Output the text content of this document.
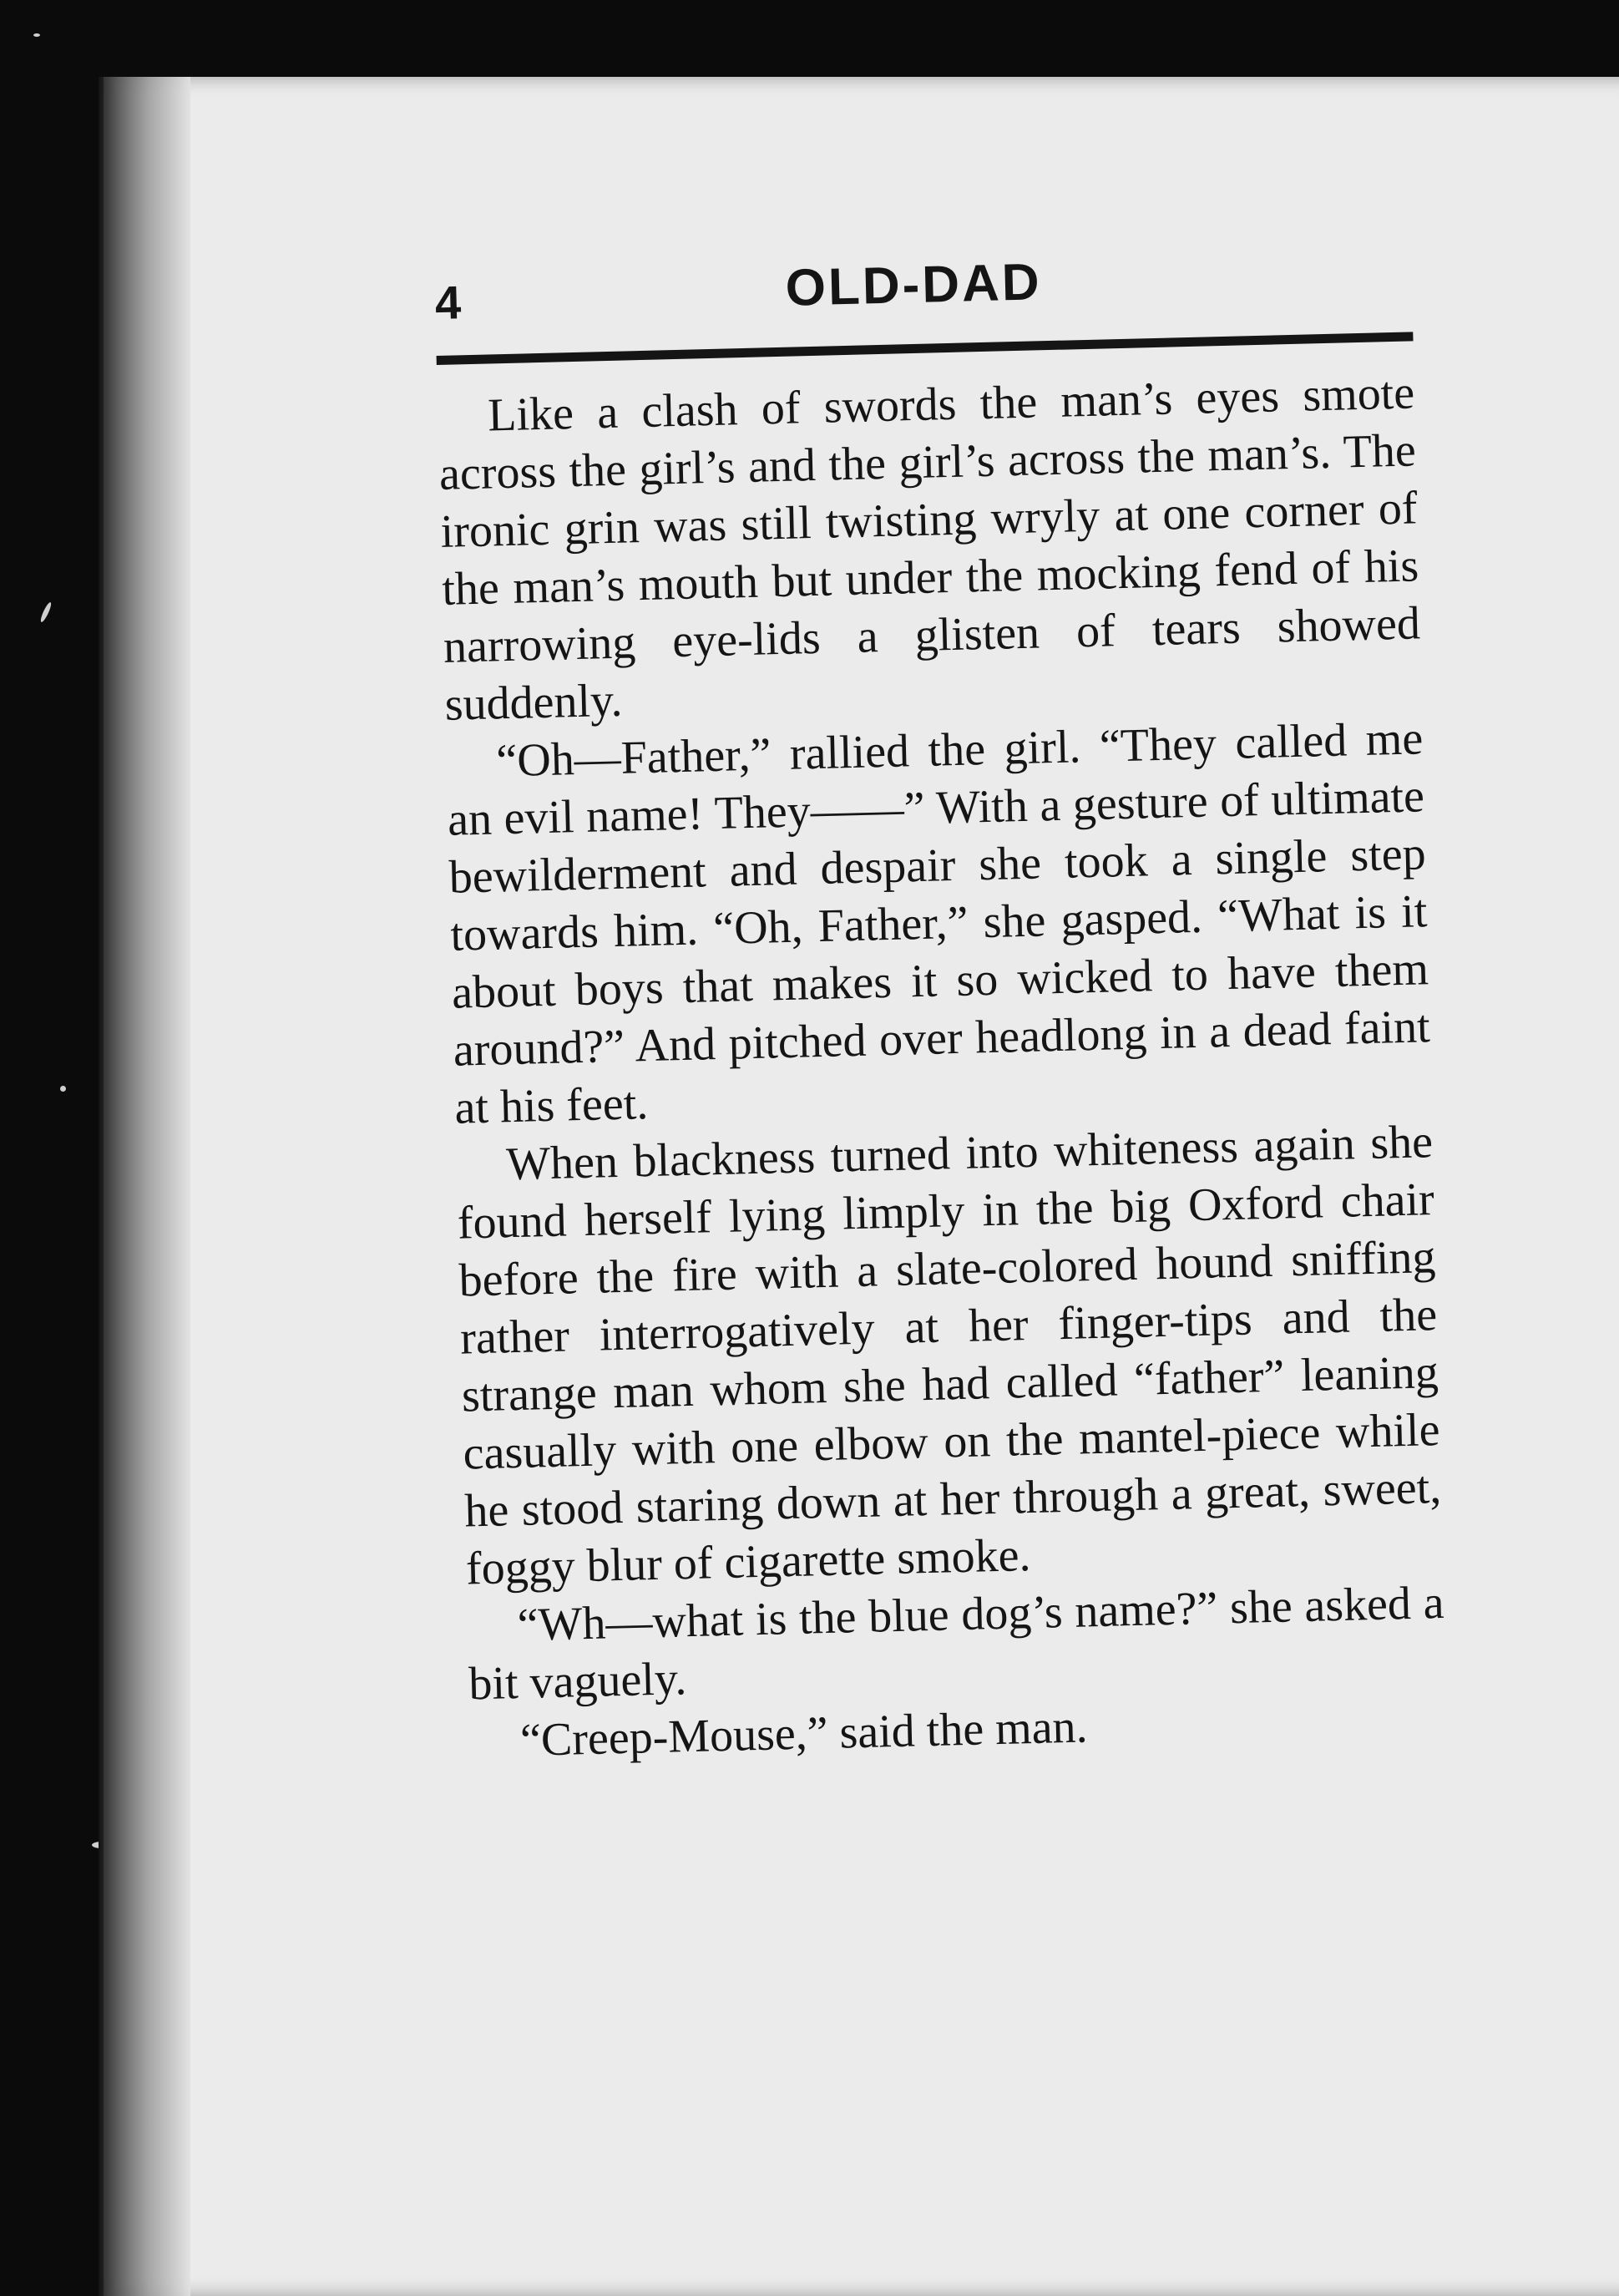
4	OLD-DAD

Like a clash of swords the man’s eyes smote across the girl’s and the girl’s across the man’s. The ironic grin was still twisting wryly at one corner of the man’s mouth but under the mocking fend of his narrowing eye-lids a glisten of tears showed suddenly.

“Oh—Father,” rallied the girl. “They called me an evil name! They——” With a gesture of ultimate bewilderment and despair she took a single step towards him. “Oh, Father,” she gasped. “What is it about boys that makes it so wicked to have them around?” And pitched over headlong in a dead faint at his feet.

When blackness turned into whiteness again she found herself lying limply in the big Oxford chair before the fire with a slate-colored hound sniffing rather interrogatively at her finger-tips and the strange man whom she had called “father” leaning casually with one elbow on the mantel-piece while he stood staring down at her through a great, sweet, foggy blur of cigarette smoke.

“Wh—what is the blue dog’s name?” she asked a bit vaguely.

“Creep-Mouse,” said the man.
